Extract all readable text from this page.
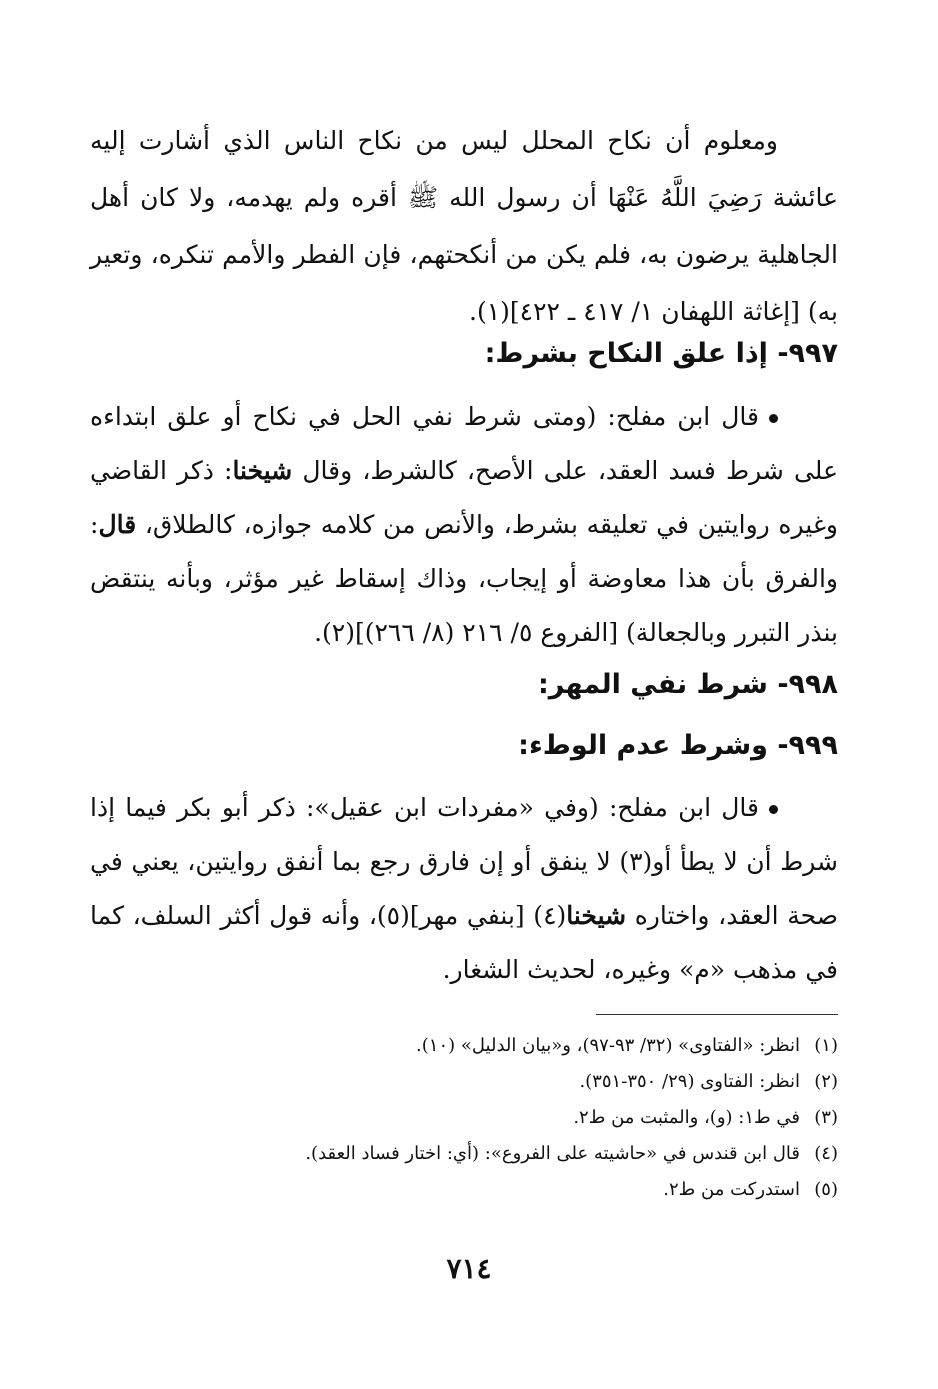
ومعلوم أن نكاح المحلل ليس من نكاح الناس الذي أشارت إليه عائشة رَضِيَ اللَّهُ عَنْهَا أن رسول الله ﷺ أقره ولم يهدمه، ولا كان أهل الجاهلية يرضون به، فلم يكن من أنكحتهم، فإن الفطر والأمم تنكره، وتعير به) [إغاثة اللهفان ١/ ٤١٧ ـ ٤٢٢](١).
٩٩٧- إذا علق النكاح بشرط:
قال ابن مفلح: (ومتى شرط نفي الحل في نكاح أو علق ابتداءه على شرط فسد العقد، على الأصح، كالشرط، وقال شيخنا: ذكر القاضي وغيره روايتين في تعليقه بشرط، والأنص من كلامه جوازه، كالطلاق، قال: والفرق بأن هذا معاوضة أو إيجاب، وذاك إسقاط غير مؤثر، وبأنه ينتقض بنذر التبرر وبالجعالة) [الفروع ٥/ ٢١٦ (٨/ ٢٦٦)](٢).
٩٩٨- شرط نفي المهر:
٩٩٩- وشرط عدم الوطء:
قال ابن مفلح: (وفي «مفردات ابن عقيل»: ذكر أبو بكر فيما إذا شرط أن لا يطأ أو(٣) لا ينفق أو إن فارق رجع بما أنفق روايتين، يعني في صحة العقد، واختاره شيخنا(٤) [بنفي مهر](٥)، وأنه قول أكثر السلف، كما في مذهب «م» وغيره، لحديث الشغار.
(١)
انظر: «الفتاوى» (٣٢/ ٩٣-٩٧)، و«بيان الدليل» (١٠).
(٢)
انظر: الفتاوى (٢٩/ ٣٥٠-٣٥١).
(٣)
في ط١: (و)، والمثبت من ط٢.
(٤)
قال ابن قندس في «حاشيته على الفروع»: (أي: اختار فساد العقد).
(٥)
استدركت من ط٢.
٧١٤
